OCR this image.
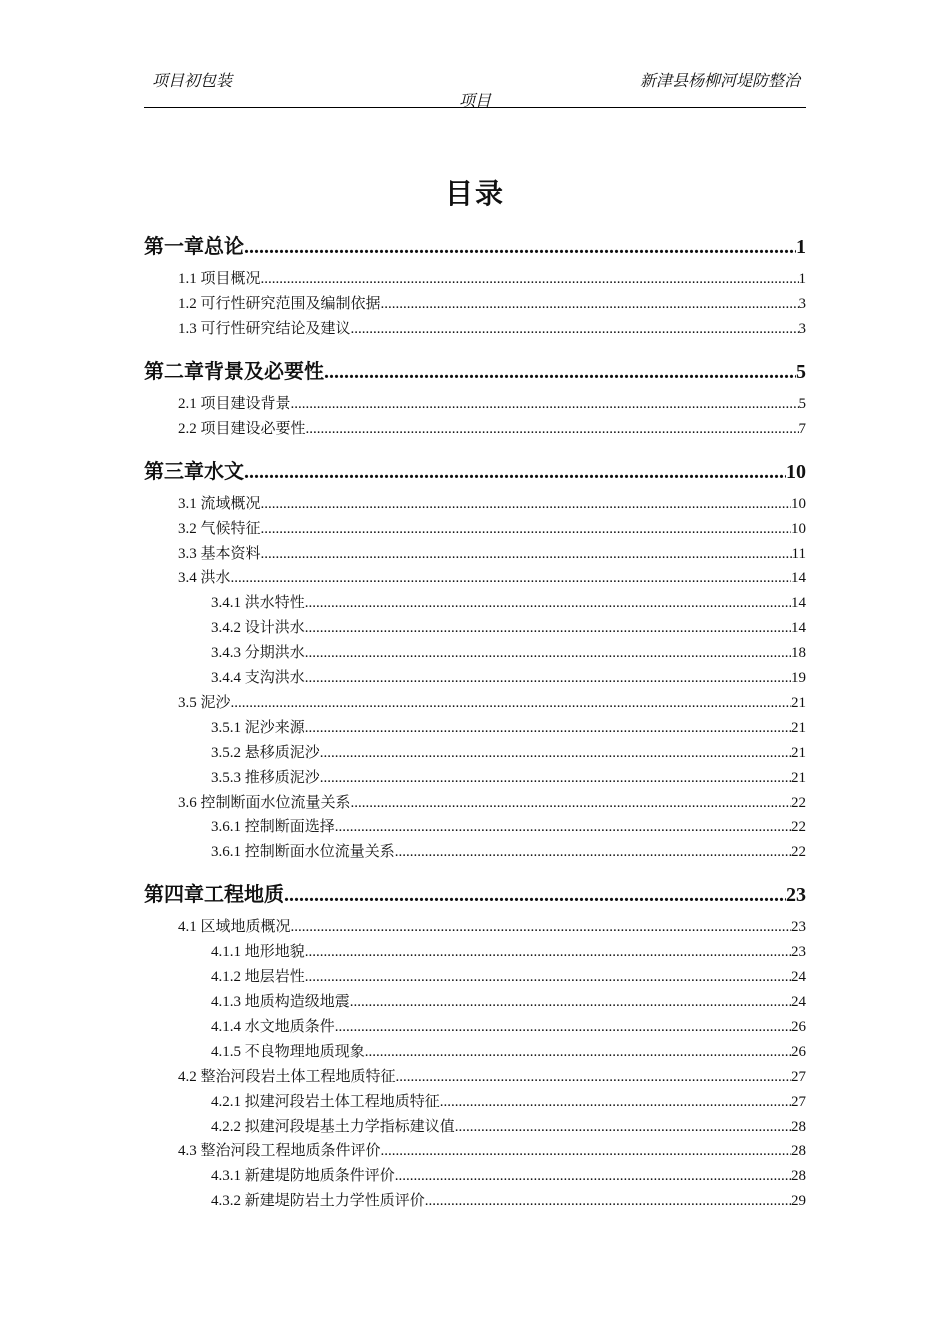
项目初包装	新津县杨柳河堤防整治
项目
目录
第一章总论 .....	1
1.1 项目概况 .....	1
1.2 可行性研究范围及编制依据 .....	3
1.3 可行性研究结论及建议 .....	3
第二章背景及必要性 .....	5
2.1 项目建设背景 .....	5
2.2 项目建设必要性 .....	7
第三章水文 .....	10
3.1 流域概况 .....	10
3.2 气候特征 .....	10
3.3 基本资料 .....	11
3.4 洪水 .....	14
3.4.1 洪水特性 .....	14
3.4.2 设计洪水 .....	14
3.4.3 分期洪水 .....	18
3.4.4 支沟洪水 .....	19
3.5 泥沙 .....	21
3.5.1 泥沙来源 .....	21
3.5.2 悬移质泥沙 .....	21
3.5.3 推移质泥沙 .....	21
3.6 控制断面水位流量关系 .....	22
3.6.1 控制断面选择 .....	22
3.6.1 控制断面水位流量关系 .....	22
第四章工程地质 .....	23
4.1 区域地质概况 .....	23
4.1.1 地形地貌 .....	23
4.1.2 地层岩性 .....	24
4.1.3 地质构造级地震 .....	24
4.1.4 水文地质条件 .....	26
4.1.5 不良物理地质现象 .....	26
4.2 整治河段岩土体工程地质特征 .....	27
4.2.1 拟建河段岩土体工程地质特征 .....	27
4.2.2 拟建河段堤基土力学指标建议值 .....	28
4.3 整治河段工程地质条件评价 .....	28
4.3.1 新建堤防地质条件评价 .....	28
4.3.2 新建堤防岩土力学性质评价 .....	29
